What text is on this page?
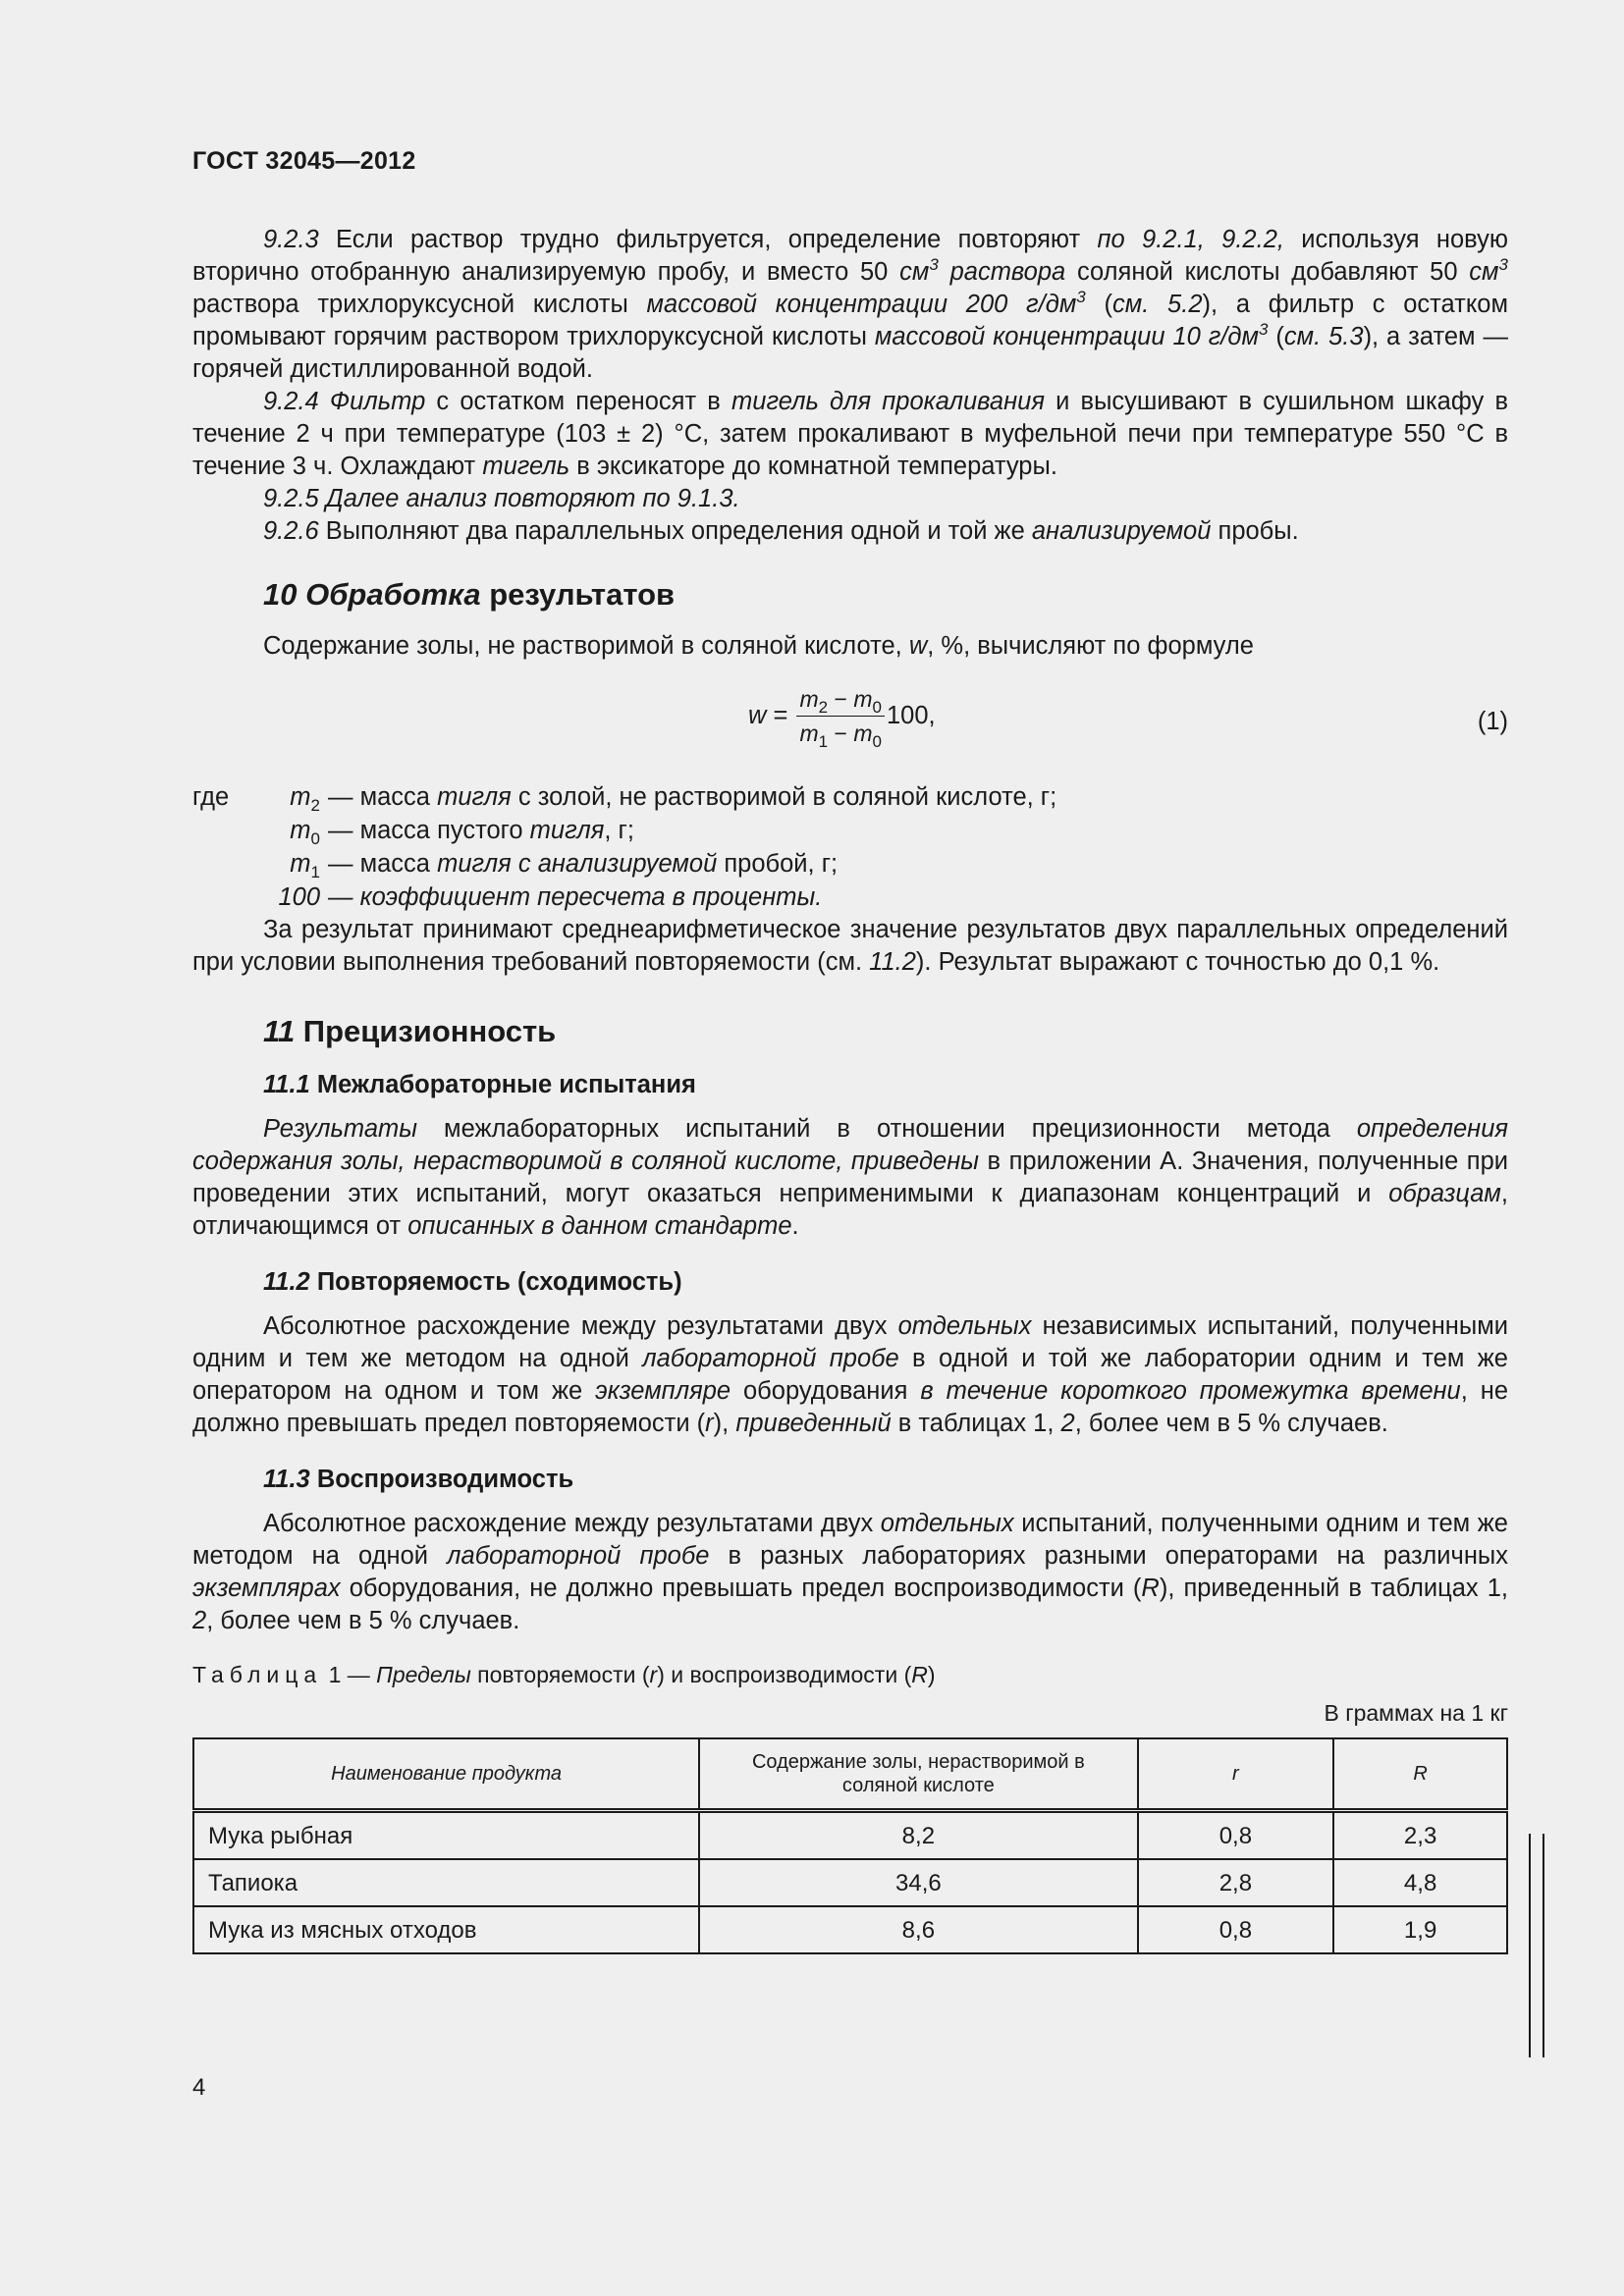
ГОСТ 32045—2012

9.2.3 Если раствор трудно фильтруется, определение повторяют по 9.2.1, 9.2.2, используя новую вторично отобранную анализируемую пробу, и вместо 50 $см^3$ раствора соляной кислоты добавляют 50 $см^3$ раствора трихлоруксусной кислоты массовой концентрации 200 $г/дм^3$ (см. 5.2), а фильтр с остатком промывают горячим раствором трихлоруксусной кислоты массовой концентрации 10 $г/дм^3$ (см. 5.3), а затем — горячей дистиллированной водой.

9.2.4 Фильтр с остатком переносят в тигель для прокаливания и высушивают в сушильном шкафу в течение 2 ч при температуре (103 ± 2) °С, затем прокаливают в муфельной печи при температуре 550 °С в течение 3 ч. Охлаждают тигель в эксикаторе до комнатной температуры.

9.2.5 Далее анализ повторяют по 9.1.3.

9.2.6 Выполняют два параллельных определения одной и той же анализируемой пробы.

10 Обработка результатов

Содержание золы, не растворимой в соляной кислоте, w, %, вычисляют по формуле

$w = \frac{m_2 - m_0}{m_1 - m_0} 100$,	(1)
где $m_2$ — масса тигля с золой, не растворимой в соляной кислоте, г;
$m_0$ — масса пустого тигля, г;
$m_1$ — масса тигля с анализируемой пробой, г;
100 — коэффициент пересчета в проценты.

За результат принимают среднеарифметическое значение результатов двух параллельных определений при условии выполнения требований повторяемости (см. 11.2). Результат выражают с точностью до 0,1 %.

11 Прецизионность
11.1 Межлабораторные испытания

Результаты межлабораторных испытаний в отношении прецизионности метода определения содержания золы, нерастворимой в соляной кислоте, приведены в приложении А. Значения, полученные при проведении этих испытаний, могут оказаться неприменимыми к диапазонам концентраций и образцам, отличающимся от описанных в данном стандарте.

11.2 Повторяемость (сходимость)

Абсолютное расхождение между результатами двух отдельных независимых испытаний, полученными одним и тем же методом на одной лабораторной пробе в одной и той же лаборатории одним и тем же оператором на одном и том же экземпляре оборудования в течение короткого промежутка времени, не должно превышать предел повторяемости (r), приведенный в таблицах 1, 2, более чем в 5 % случаев.

11.3 Воспроизводимость

Абсолютное расхождение между результатами двух отдельных испытаний, полученными одним и тем же методом на одной лабораторной пробе в разных лабораториях разными операторами на различных экземплярах оборудования, не должно превышать предел воспроизводимости (R), приведенный в таблицах 1, 2, более чем в 5 % случаев.

Таблица 1 — Пределы повторяемости (r) и воспроизводимости (R)
В граммах на 1 кг
Наименование продукта	Содержание золы, нерастворимой в соляной кислоте	r	R
Мука рыбная	8,2	0,8	2,3
Тапиока	34,6	2,8	4,8
Мука из мясных отходов	8,6	0,8	1,9
4
